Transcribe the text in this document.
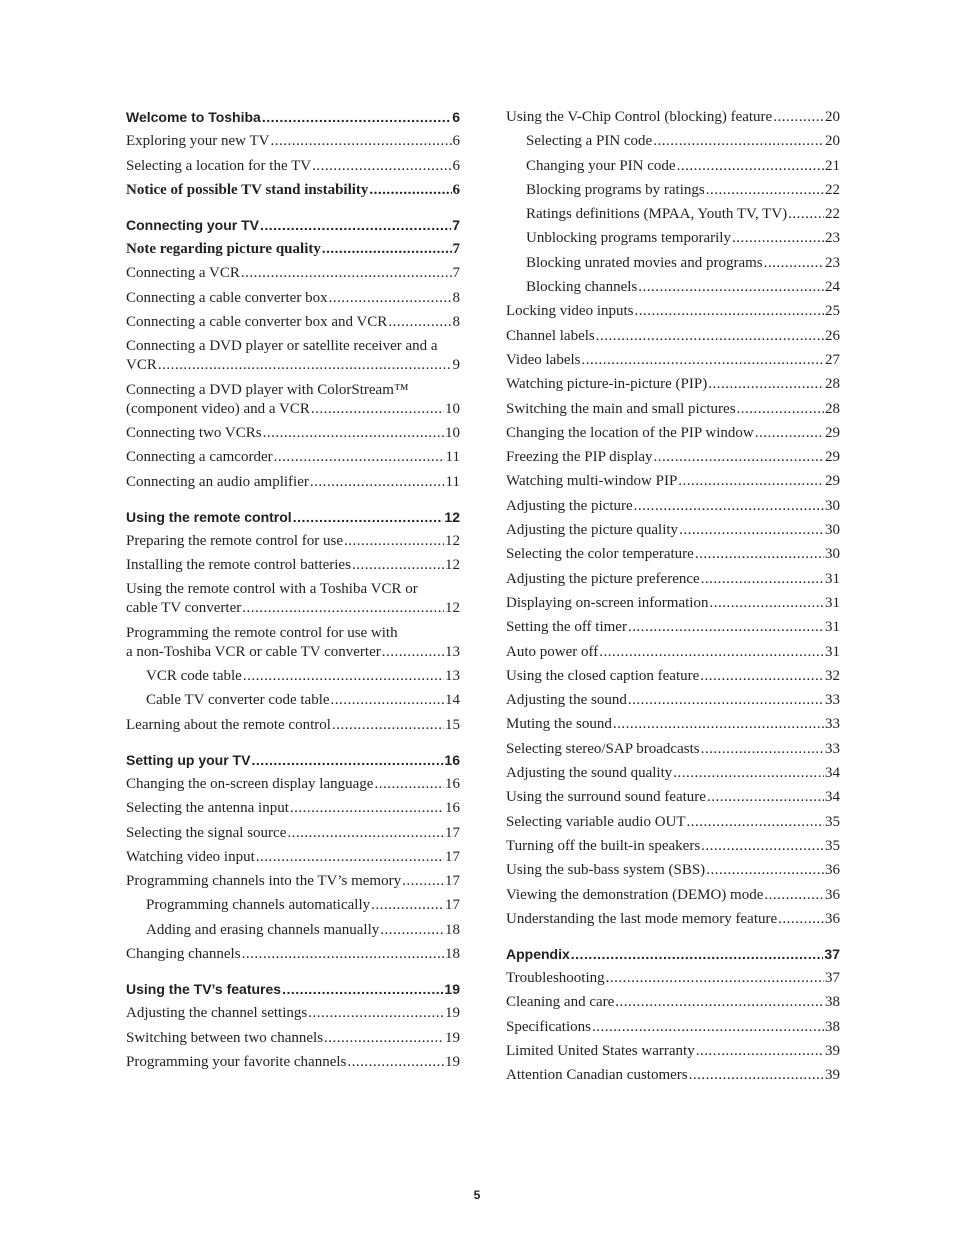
Welcome to Toshiba .....	6
Exploring your new TV .....	6
Selecting a location for the TV .....	6
Notice of possible TV stand instability .....	6
Connecting your TV .....	7
Note regarding picture quality .....	7
Connecting a VCR .....	7
Connecting a cable converter box .....	8
Connecting a cable converter box and VCR .....	8
Connecting a DVD player or satellite receiver and a
VCR .....	9
Connecting a DVD player with ColorStream™
(component video) and a VCR .....	10
Connecting two VCRs .....	10
Connecting a camcorder .....	11
Connecting an audio amplifier .....	11
Using the remote control .....	12
Preparing the remote control for use .....	12
Installing the remote control batteries .....	12
Using the remote control with a Toshiba VCR or
cable TV converter .....	12
Programming the remote control for use with
a non-Toshiba VCR or cable TV converter .....	13
VCR code table .....	13
Cable TV converter code table .....	14
Learning about the remote control .....	15
Setting up your TV .....	16
Changing the on-screen display language .....	16
Selecting the antenna input .....	16
Selecting the signal source .....	17
Watching video input .....	17
Programming channels into the TV’s memory .....	17
Programming channels automatically .....	17
Adding and erasing channels manually .....	18
Changing channels .....	18
Using the TV’s features .....	19
Adjusting the channel settings .....	19
Switching between two channels .....	19
Programming your favorite channels .....	19
Using the V-Chip Control (blocking) feature .....	20
Selecting a PIN code .....	20
Changing your PIN code .....	21
Blocking programs by ratings .....	22
Ratings definitions (MPAA, Youth TV, TV) .....	22
Unblocking programs temporarily .....	23
Blocking unrated movies and programs .....	23
Blocking channels .....	24
Locking video inputs .....	25
Channel labels .....	26
Video labels .....	27
Watching picture-in-picture (PIP) .....	28
Switching the main and small pictures .....	28
Changing the location of the PIP window .....	29
Freezing the PIP display .....	29
Watching multi-window PIP .....	29
Adjusting the picture .....	30
Adjusting the picture quality .....	30
Selecting the color temperature .....	30
Adjusting the picture preference .....	31
Displaying on-screen information .....	31
Setting the off timer .....	31
Auto power off .....	31
Using the closed caption feature .....	32
Adjusting the sound .....	33
Muting the sound .....	33
Selecting stereo/SAP broadcasts .....	33
Adjusting the sound quality .....	34
Using the surround sound feature .....	34
Selecting variable audio OUT .....	35
Turning off the built-in speakers .....	35
Using the sub-bass system (SBS) .....	36
Viewing the demonstration (DEMO) mode .....	36
Understanding the last mode memory feature .....	36
Appendix .....	37
Troubleshooting .....	37
Cleaning and care .....	38
Specifications .....	38
Limited United States warranty .....	39
Attention Canadian customers .....	39
5
